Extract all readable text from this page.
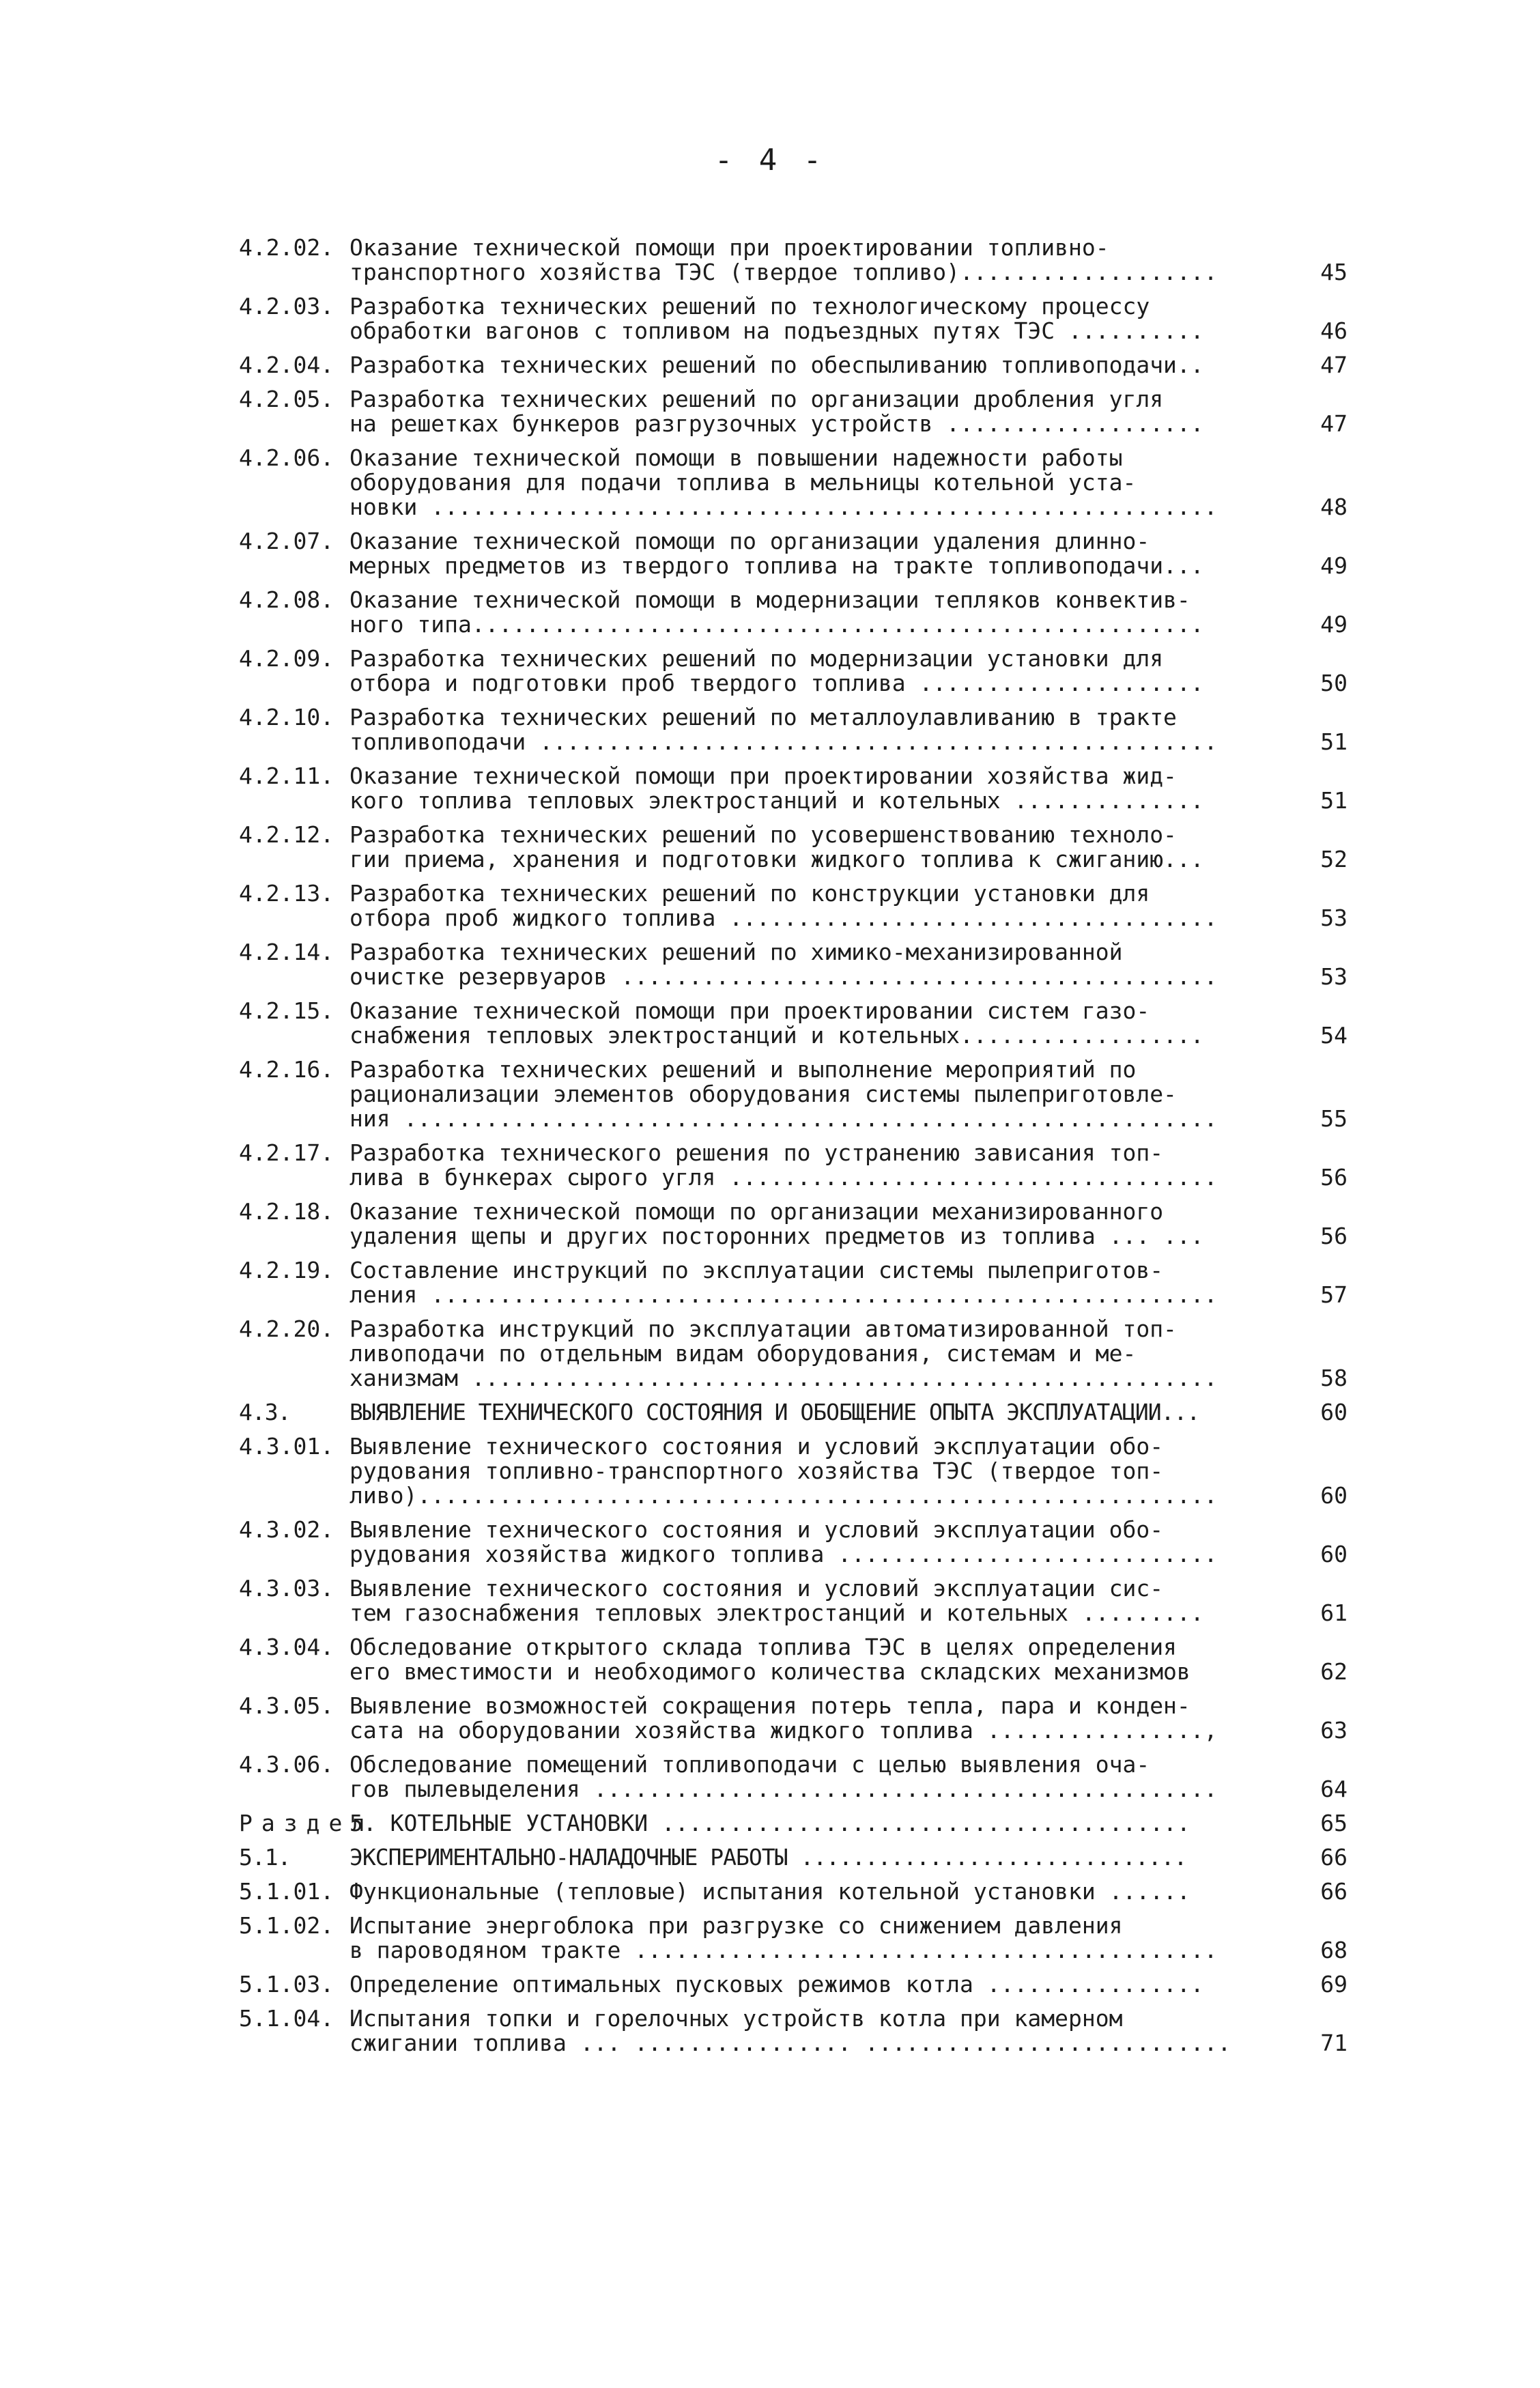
- 4 -
4.2.02. Оказание технической помощи при проектировании топливно-
транспортного хозяйства ТЭС (твердое топливо)...................	45
4.2.03. Разработка технических решений по технологическому процессу
обработки вагонов с топливом на подъездных путях ТЭС ..........	46
4.2.04. Разработка технических решений по обеспыливанию топливоподачи..	47
4.2.05. Разработка технических решений по организации дробления угля
на решетках бункеров разгрузочных устройств ...................	47
4.2.06. Оказание технической помощи в повышении надежности работы
оборудования для подачи топлива в мельницы котельной уста-
новки ..........................................................	48
4.2.07. Оказание технической помощи по организации удаления длинно-
мерных предметов из твердого топлива на тракте топливоподачи...	49
4.2.08. Оказание технической помощи в модернизации тепляков конвектив-
ного типа......................................................	49
4.2.09. Разработка технических решений по модернизации установки для
отбора и подготовки проб твердого топлива .....................	50
4.2.10. Разработка технических решений по металлоулавливанию в тракте
топливоподачи ..................................................	51
4.2.11. Оказание технической помощи при проектировании хозяйства жид-
кого топлива тепловых электростанций и котельных ..............	51
4.2.12. Разработка технических решений по усовершенствованию техноло-
гии приема, хранения и подготовки жидкого топлива к сжиганию...	52
4.2.13. Разработка технических решений по конструкции установки для
отбора проб жидкого топлива ....................................	53
4.2.14. Разработка технических решений по химико-механизированной
очистке резервуаров ............................................	53
4.2.15. Оказание технической помощи при проектировании систем газо-
снабжения тепловых электростанций и котельных..................	54
4.2.16. Разработка технических решений и выполнение мероприятий по
рационализации элементов оборудования системы пылеприготовле-
ния ............................................................	55
4.2.17. Разработка технического решения по устранению зависания топ-
лива в бункерах сырого угля ....................................	56
4.2.18. Оказание технической помощи по организации механизированного
удаления щепы и других посторонних предметов из топлива ... ...	56
4.2.19. Составление инструкций по эксплуатации системы пылеприготов-
ления ..........................................................	57
4.2.20. Разработка инструкций по эксплуатации автоматизированной топ-
ливоподачи по отдельным видам оборудования, системам и ме-
ханизмам .......................................................	58
4.3.	ВЫЯВЛЕНИЕ ТЕХНИЧЕСКОГО СОСТОЯНИЯ И ОБОБЩЕНИЕ ОПЫТА ЭКСПЛУАТАЦИИ...	60
4.3.01. Выявление технического состояния и условий эксплуатации обо-
рудования топливно-транспортного хозяйства ТЭС (твердое топ-
ливо)...........................................................	60
4.3.02. Выявление технического состояния и условий эксплуатации обо-
рудования хозяйства жидкого топлива ............................	60
4.3.03. Выявление технического состояния и условий эксплуатации сис-
тем газоснабжения тепловых электростанций и котельных .........	61
4.3.04. Обследование открытого склада топлива ТЭС в целях определения
его вместимости и необходимого количества складских механизмов	62
4.3.05. Выявление возможностей сокращения потерь тепла, пара и конден-
сата на оборудовании хозяйства жидкого топлива ................,	63
4.3.06. Обследование помещений топливоподачи с целью выявления оча-
гов пылевыделения ..............................................	64
Раздел
5. КОТЕЛЬНЫЕ УСТАНОВКИ .......................................	65
5.1.	ЭКСПЕРИМЕНТАЛЬНО-НАЛАДОЧНЫЕ РАБОТЫ ..............................	66
5.1.01. Функциональные (тепловые) испытания котельной установки ......	66
5.1.02. Испытание энергоблока при разгрузке со снижением давления
в пароводяном тракте ...........................................	68
5.1.03. Определение оптимальных пусковых режимов котла ................	69
5.1.04. Испытания топки и горелочных устройств котла при камерном
сжигании топлива ... ................ ...........................	71
